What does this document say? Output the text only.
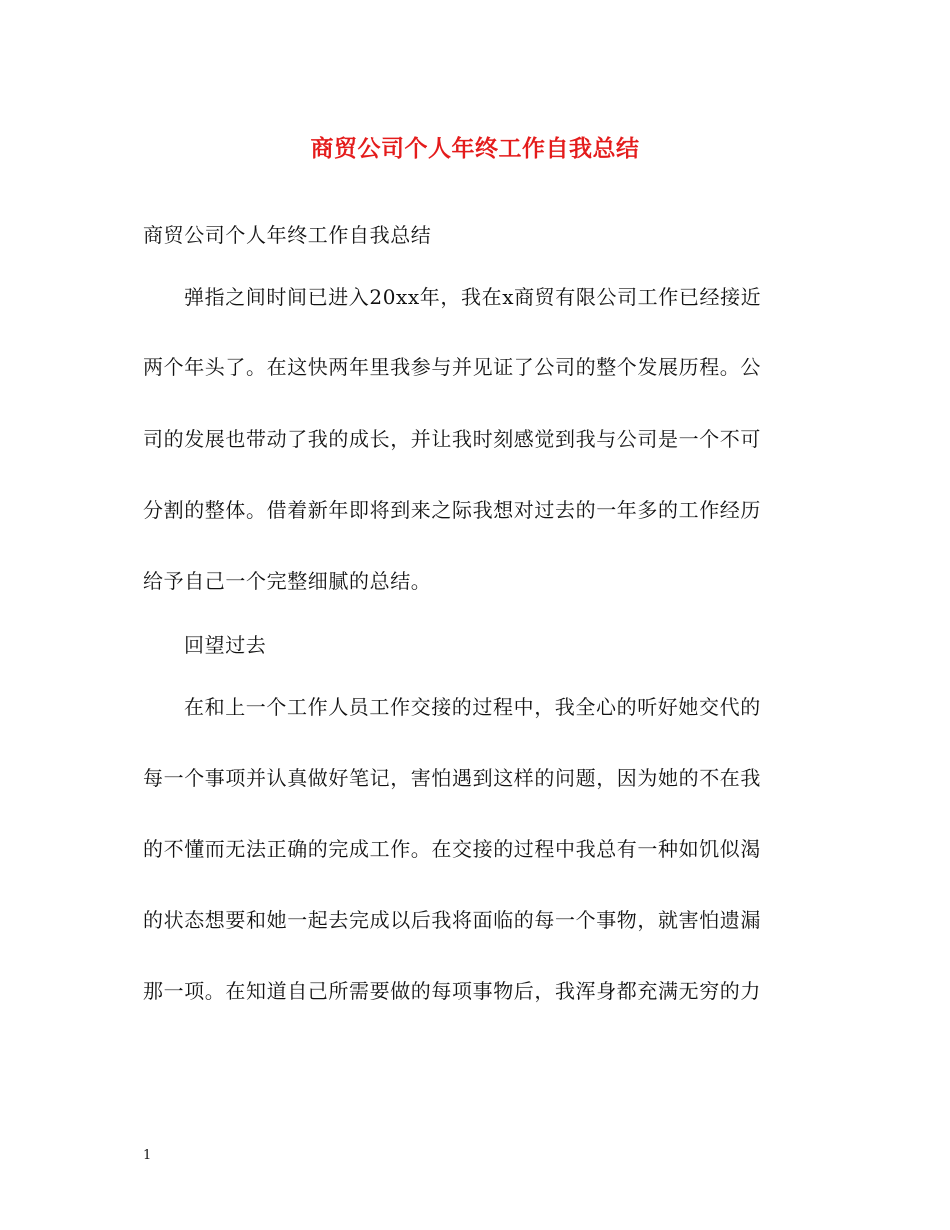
商贸公司个人年终工作自我总结
商贸公司个人年终工作自我总结
弹指之间时间已进入20xx年，我在x商贸有限公司工作已经接近
两个年头了。在这快两年里我参与并见证了公司的整个发展历程。公
司的发展也带动了我的成长，并让我时刻感觉到我与公司是一个不可
分割的整体。借着新年即将到来之际我想对过去的一年多的工作经历
给予自己一个完整细腻的总结。
回望过去
在和上一个工作人员工作交接的过程中，我全心的听好她交代的
每一个事项并认真做好笔记，害怕遇到这样的问题，因为她的不在我
的不懂而无法正确的完成工作。在交接的过程中我总有一种如饥似渴
的状态想要和她一起去完成以后我将面临的每一个事物，就害怕遗漏
那一项。在知道自己所需要做的每项事物后，我浑身都充满无穷的力
1
